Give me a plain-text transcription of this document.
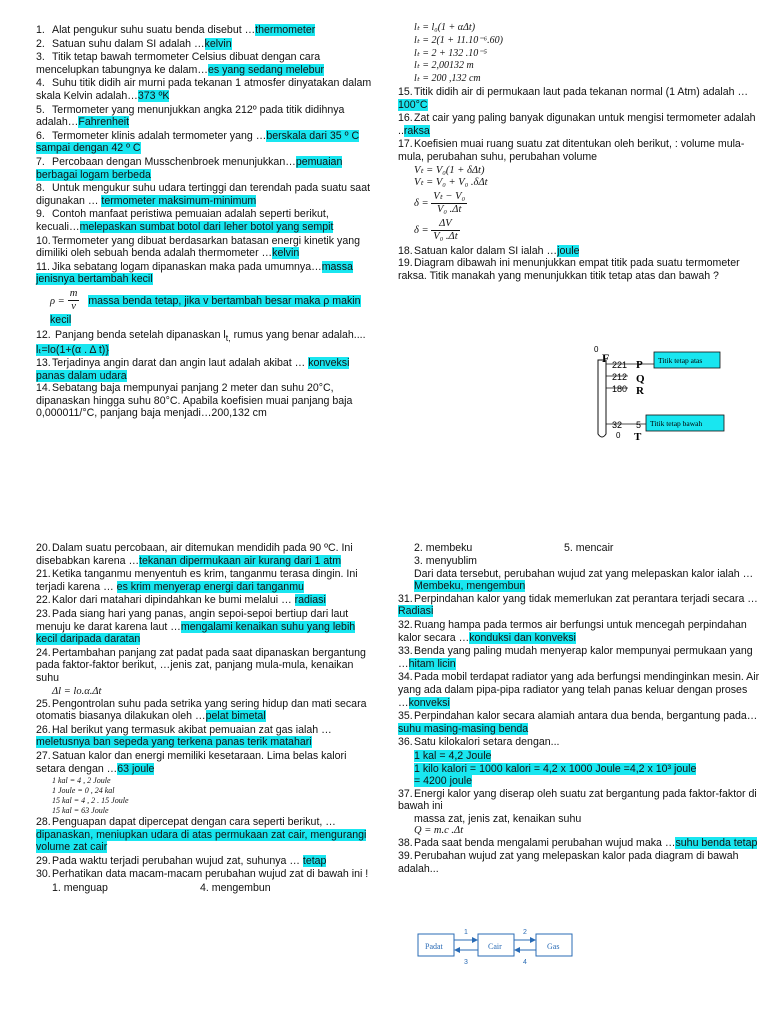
1. Alat pengukur suhu suatu benda disebut …thermometer
2. Satuan suhu dalam SI adalah …kelvin
3. Titik tetap bawah termometer Celsius dibuat dengan cara mencelupkan tabungnya ke dalam…es yang sedang melebur
4. Suhu titik didih air murni pada tekanan 1 atmosfer dinyatakan dalam skala Kelvin adalah…373 ºK
5. Termometer yang menunjukkan angka 212º pada titik didihnya adalah…Fahrenheit
6. Termometer klinis adalah termometer yang …berskala dari 35 º C sampai dengan 42 º C
7. Percobaan dengan Musschenbroek menunjukkan…pemuaian berbagai logam berbeda
8. Untuk mengukur suhu udara tertinggi dan terendah pada suatu saat digunakan … termometer maksimum-minimum
9. Contoh manfaat peristiwa pemuaian adalah seperti berikut, kecuali…melepaskan sumbat botol dari leher botol yang sempit
10.Termometer yang dibuat berdasarkan batasan energi kinetik yang dimiliki oleh sebuah benda adalah thermometer …kelvin
11. Jika sebatang logam dipanaskan maka pada umumnya…massa jenisnya bertambah kecil
$\rho = \frac{m}{v}$ massa benda tetap, jika v bertambah besar maka ρ makin kecil
12. Panjang benda setelah dipanaskan $l_{t,}$ rumus yang benar adalah.... lₜ=lo(1+(α . Δ t)}
13.Terjadinya angin darat dan angin laut adalah akibat … konveksi panas dalam udara
14.Sebatang baja mempunyai panjang 2 meter dan suhu 20°C, dipanaskan hingga suhu 80°C. Apabila koefisien muai panjang baja 0,000011/°C, panjang baja menjadi…200,132 cm
lₜ = l₀(1 + αΔt)
lₜ = 2(1 + 11.10⁻⁶.60)
lₜ = 2 + 132 .10⁻⁵
lₜ = 2,00132 m
lₜ = 200 ,132 cm
15.Titik didih air di permukaan laut pada tekanan normal (1 Atm) adalah …100°C
16.Zat cair yang paling banyak digunakan untuk mengisi termometer adalah ..raksa
17.Koefisien muai ruang suatu zat ditentukan oleh berikut, : volume mula-mula, perubahan suhu, perubahan volume
Vₜ = V₀(1 + δΔt)
Vₜ = V₀ + V₀ .δΔt
$\delta = \frac{\text{Vₜ − V₀}}{\text{V₀ .Δt}}$
$\delta = \frac{\Delta V}{\text{V₀ .Δt}}$
18.Satuan kalor dalam SI ialah …joule
19.Diagram dibawah ini menunjukkan empat titik pada suatu termometer raksa. Titik manakah yang menunjukkan titik tetap atas dan bawah ?
0
F 221
212
180
32 5
0
P
Q
R
T
Titik tetap atas
Titik tetap bawah
20.Dalam suatu percobaan, air ditemukan mendidih pada 90 ºC. Ini disebabkan karena …tekanan dipermukaan air kurang dari 1 atm
21.Ketika tanganmu menyentuh es krim, tanganmu terasa dingin. Ini terjadi karena … es krim menyerap energi dari tanganmu
22.Kalor dari matahari dipindahkan ke bumi melalui … radiasi
23.Pada siang hari yang panas, angin sepoi-sepoi bertiup dari laut menuju ke darat karena laut …mengalami kenaikan suhu yang lebih kecil daripada daratan
24.Pertambahan panjang zat padat pada saat dipanaskan bergantung pada faktor-faktor berikut, …jenis zat, panjang mula-mula, kenaikan suhu
Δl = lo.α.Δt
25.Pengontrolan suhu pada setrika yang sering hidup dan mati secara otomatis biasanya dilakukan oleh …pelat bimetal
26.Hal berikut yang termasuk akibat pemuaian zat gas ialah …meletusnya ban sepeda yang terkena panas terik matahari
27.Satuan kalor dan energi memiliki kesetaraan. Lima belas kalori setara dengan …63 joule
1 kal = 4 , 2 Joule
1 Joule = 0 , 24 kal
15 kal = 4 , 2 . 15 Joule
15 kal = 63 Joule
28.Penguapan dapat dipercepat dengan cara seperti berikut, …dipanaskan, meniupkan udara di atas permukaan zat cair, mengurangi volume zat cair
29.Pada waktu terjadi perubahan wujud zat, suhunya … tetap
30.Perhatikan data macam-macam perubahan wujud zat di bawah ini !
1. menguap	4. mengembun
2. membeku	5. mencair
3. menyublim
Dari data tersebut, perubahan wujud zat yang melepaskan kalor ialah …Membeku, mengembun
31.Perpindahan kalor yang tidak memerlukan zat perantara terjadi secara …Radiasi
32.Ruang hampa pada termos air berfungsi untuk mencegah perpindahan kalor secara …konduksi dan konveksi
33.Benda yang paling mudah menyerap kalor mempunyai permukaan yang …hitam licin
34.Pada mobil terdapat radiator yang ada berfungsi mendinginkan mesin. Air yang ada dalam pipa-pipa radiator yang telah panas keluar dengan proses …konveksi
35.Perpindahan kalor secara alamiah antara dua benda, bergantung pada…suhu masing-masing benda
36.Satu kilokalori setara dengan...
1 kal = 4,2 Joule
1 kilo kalori = 1000 kalori = 4,2 x 1000 Joule =4,2 x 10³ joule
= 4200 joule
37.Energi kalor yang diserap oleh suatu zat bergantung pada faktor-faktor di bawah ini
massa zat, jenis zat, kenaikan suhu
Q = m.c .Δt
38.Pada saat benda mengalami perubahan wujud maka …suhu benda tetap
39.Perubahan wujud zat yang melepaskan kalor pada diagram di bawah adalah...
Padat	Cair	Gas
1
3
2
4
